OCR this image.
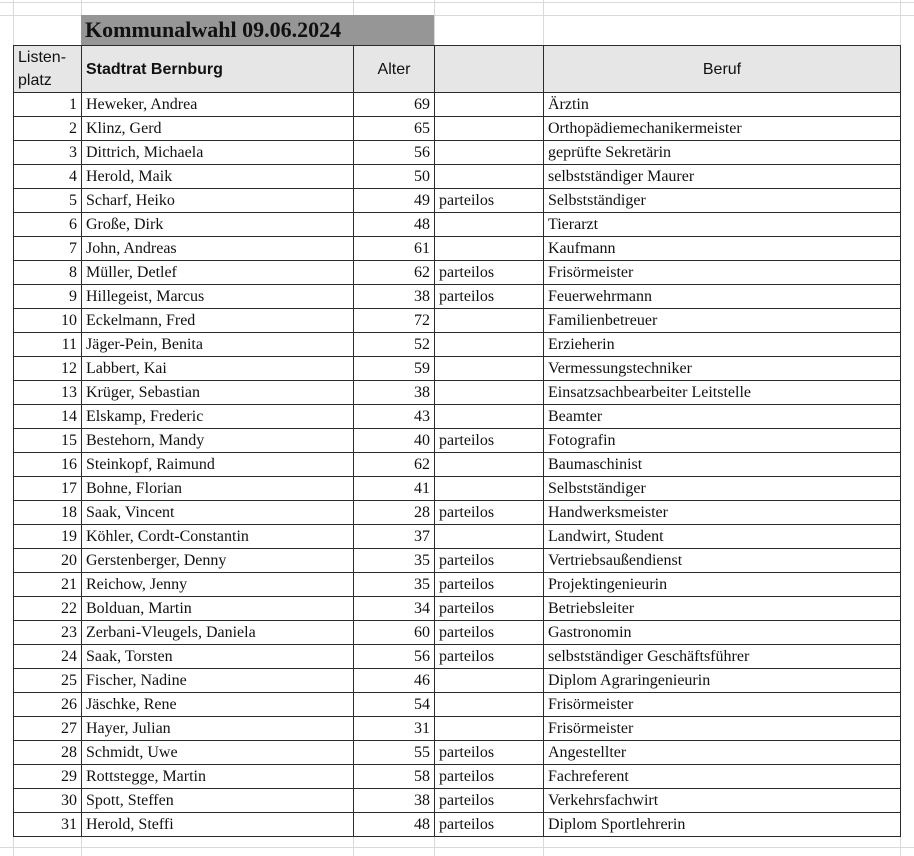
Kommunalwahl 09.06.2024
Listen-
platz	Stadtrat Bernburg	Alter		Beruf
1	Heweker, Andrea	69		Ärztin
2	Klinz, Gerd	65		Orthopädiemechanikermeister
3	Dittrich, Michaela	56		geprüfte Sekretärin
4	Herold, Maik	50		selbstständiger Maurer
5	Scharf, Heiko	49	parteilos	Selbstständiger
6	Große, Dirk	48		Tierarzt
7	John, Andreas	61		Kaufmann
8	Müller, Detlef	62	parteilos	Frisörmeister
9	Hillegeist, Marcus	38	parteilos	Feuerwehrmann
10	Eckelmann, Fred	72		Familienbetreuer
11	Jäger-Pein, Benita	52		Erzieherin
12	Labbert, Kai	59		Vermessungstechniker
13	Krüger, Sebastian	38		Einsatzsachbearbeiter Leitstelle
14	Elskamp, Frederic	43		Beamter
15	Bestehorn, Mandy	40	parteilos	Fotografin
16	Steinkopf, Raimund	62		Baumaschinist
17	Bohne, Florian	41		Selbstständiger
18	Saak, Vincent	28	parteilos	Handwerksmeister
19	Köhler, Cordt-Constantin	37		Landwirt, Student
20	Gerstenberger, Denny	35	parteilos	Vertriebsaußendienst
21	Reichow, Jenny	35	parteilos	Projektingenieurin
22	Bolduan, Martin	34	parteilos	Betriebsleiter
23	Zerbani-Vleugels, Daniela	60	parteilos	Gastronomin
24	Saak, Torsten	56	parteilos	selbstständiger Geschäftsführer
25	Fischer, Nadine	46		Diplom Agraringenieurin
26	Jäschke, Rene	54		Frisörmeister
27	Hayer, Julian	31		Frisörmeister
28	Schmidt, Uwe	55	parteilos	Angestellter
29	Rottstegge, Martin	58	parteilos	Fachreferent
30	Spott, Steffen	38	parteilos	Verkehrsfachwirt
31	Herold, Steffi	48	parteilos	Diplom Sportlehrerin
